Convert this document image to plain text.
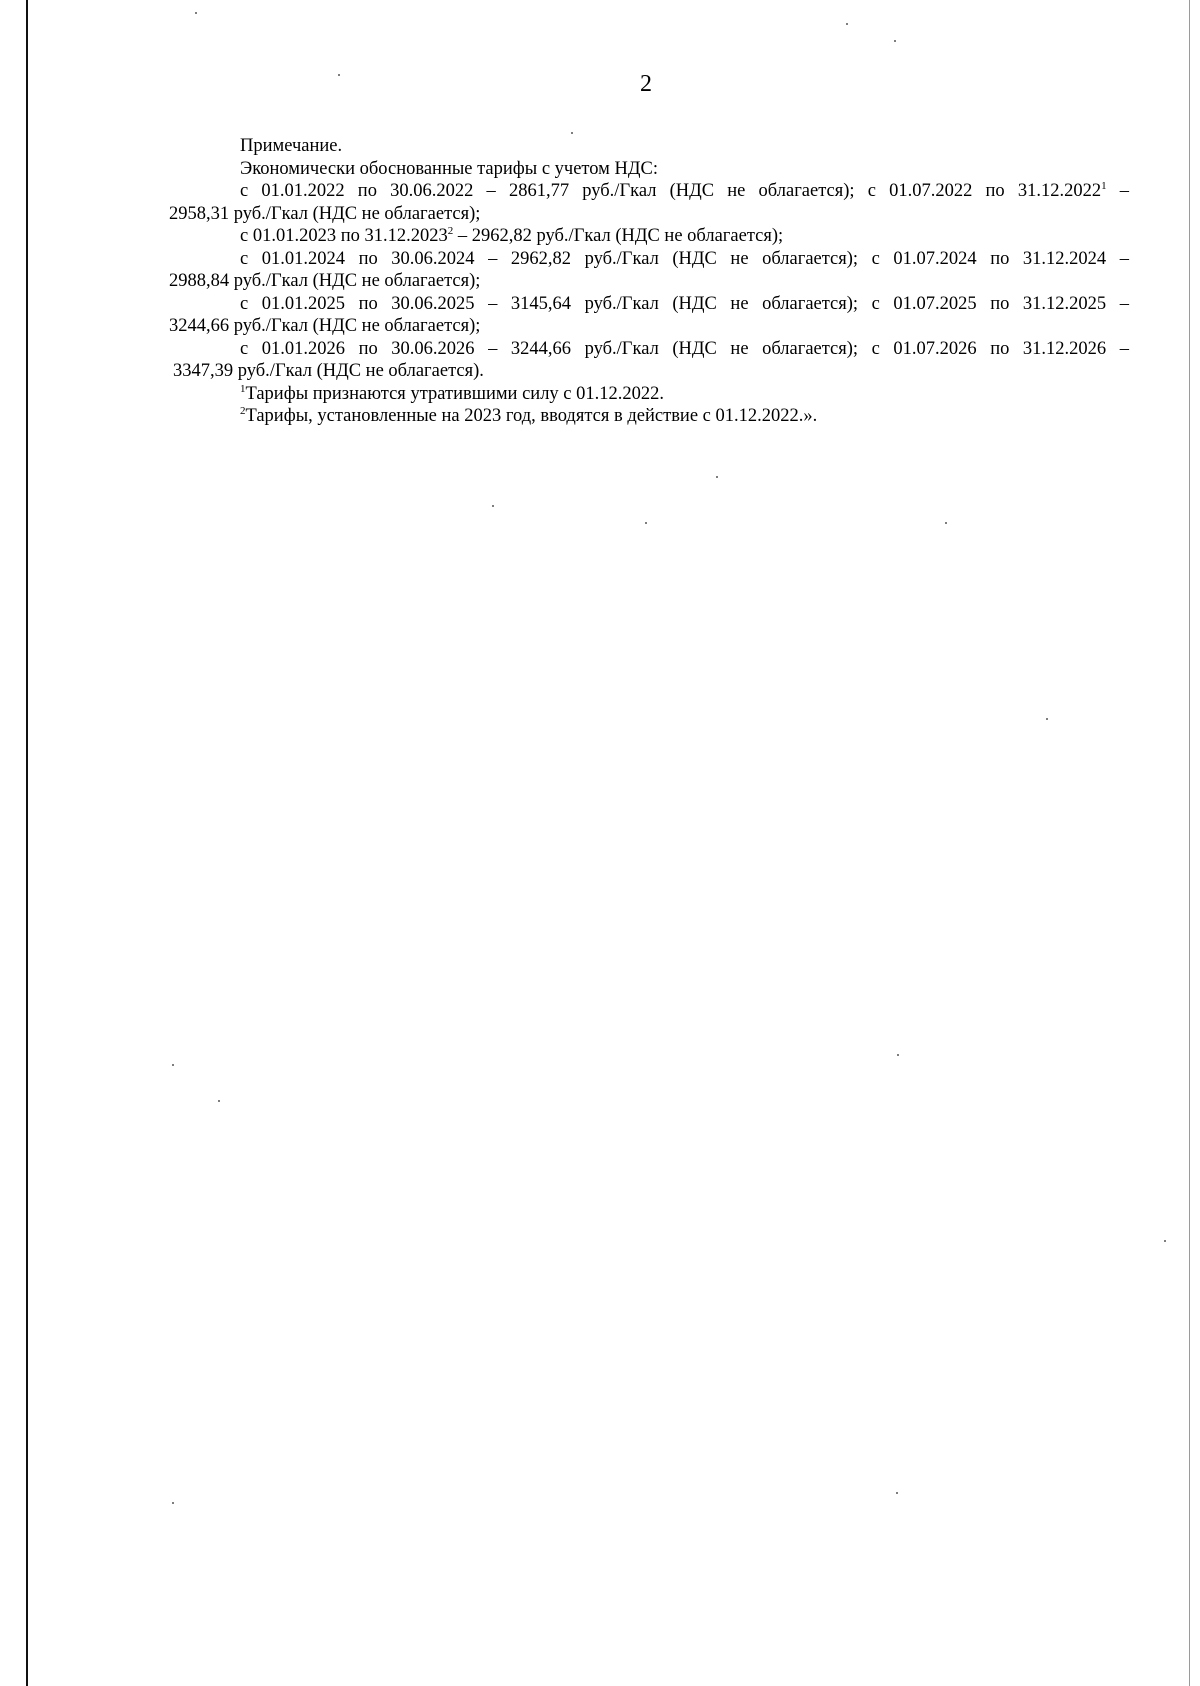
2
Примечание.
Экономически обоснованные тарифы с учетом НДС:
с 01.01.2022 по 30.06.2022 – 2861,77 руб./Гкал (НДС не облагается); с 01.07.2022 по 31.12.2022$^1$ –
2958,31 руб./Гкал (НДС не облагается);
с 01.01.2023 по 31.12.2023$^2$ – 2962,82 руб./Гкал (НДС не облагается);
с 01.01.2024 по 30.06.2024 – 2962,82 руб./Гкал (НДС не облагается); с 01.07.2024 по 31.12.2024 –
2988,84 руб./Гкал (НДС не облагается);
с 01.01.2025 по 30.06.2025 – 3145,64 руб./Гкал (НДС не облагается); с 01.07.2025 по 31.12.2025 –
3244,66 руб./Гкал (НДС не облагается);
с 01.01.2026 по 30.06.2026 – 3244,66 руб./Гкал (НДС не облагается); с 01.07.2026 по 31.12.2026 –
3347,39 руб./Гкал (НДС не облагается).
$^1$Тарифы признаются утратившими силу с 01.12.2022.
$^2$Тарифы, установленные на 2023 год, вводятся в действие с 01.12.2022.».
